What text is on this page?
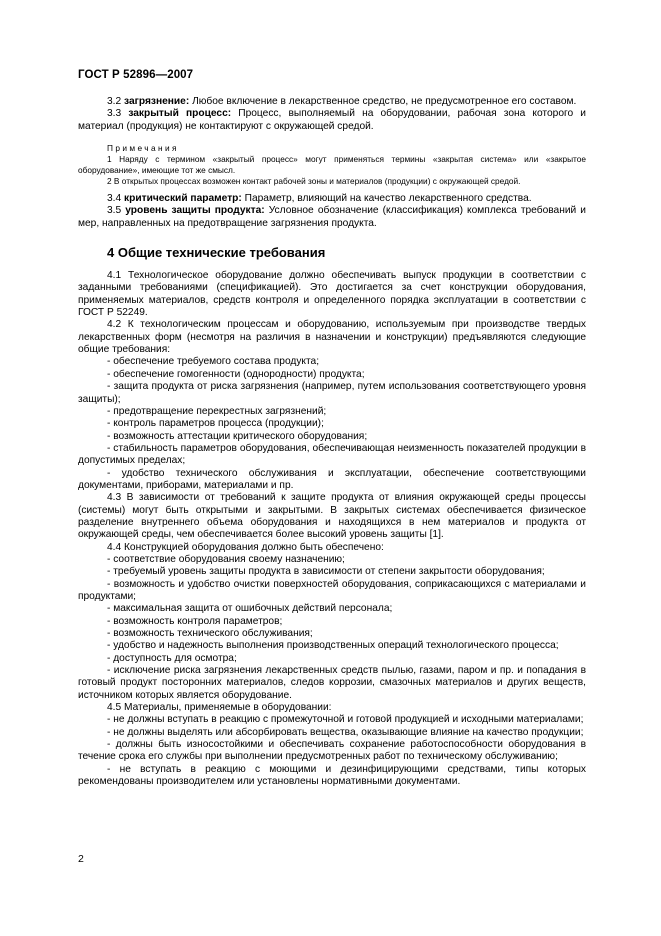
ГОСТ Р 52896—2007

3.2 загрязнение: Любое включение в лекарственное средство, не предусмотренное его составом.

3.3 закрытый процесс: Процесс, выполняемый на оборудовании, рабочая зона которого и материал (продукция) не контактируют с окружающей средой.

Примечания

1 Наряду с термином «закрытый процесс» могут применяться термины «закрытая система» или «закрытое оборудование», имеющие тот же смысл.

2 В открытых процессах возможен контакт рабочей зоны и материалов (продукции) с окружающей средой.

3.4 критический параметр: Параметр, влияющий на качество лекарственного средства.

3.5 уровень защиты продукта: Условное обозначение (классификация) комплекса требований и мер, направленных на предотвращение загрязнения продукта.

4 Общие технические требования

4.1 Технологическое оборудование должно обеспечивать выпуск продукции в соответствии с заданными требованиями (спецификацией). Это достигается за счет конструкции оборудования, применяемых материалов, средств контроля и определенного порядка эксплуатации в соответствии с ГОСТ Р 52249.

4.2 К технологическим процессам и оборудованию, используемым при производстве твердых лекарственных форм (несмотря на различия в назначении и конструкции) предъявляются следующие общие требования:

- обеспечение требуемого состава продукта;

- обеспечение гомогенности (однородности) продукта;

- защита продукта от риска загрязнения (например, путем использования соответствующего уровня защиты);

- предотвращение перекрестных загрязнений;

- контроль параметров процесса (продукции);

- возможность аттестации критического оборудования;

- стабильность параметров оборудования, обеспечивающая неизменность показателей продукции в допустимых пределах;

- удобство технического обслуживания и эксплуатации, обеспечение соответствующими документами, приборами, материалами и пр.

4.3 В зависимости от требований к защите продукта от влияния окружающей среды процессы (системы) могут быть открытыми и закрытыми. В закрытых системах обеспечивается физическое разделение внутреннего объема оборудования и находящихся в нем материалов и продукта от окружающей среды, чем обеспечивается более высокий уровень защиты [1].

4.4 Конструкцией оборудования должно быть обеспечено:

- соответствие оборудования своему назначению;

- требуемый уровень защиты продукта в зависимости от степени закрытости оборудования;

- возможность и удобство очистки поверхностей оборудования, соприкасающихся с материалами и продуктами;

- максимальная защита от ошибочных действий персонала;

- возможность контроля параметров;

- возможность технического обслуживания;

- удобство и надежность выполнения производственных операций технологического процесса;

- доступность для осмотра;

- исключение риска загрязнения лекарственных средств пылью, газами, паром и пр. и попадания в готовый продукт посторонних материалов, следов коррозии, смазочных материалов и других веществ, источником которых является оборудование.

4.5 Материалы, применяемые в оборудовании:

- не должны вступать в реакцию с промежуточной и готовой продукцией и исходными материалами;

- не должны выделять или абсорбировать вещества, оказывающие влияние на качество продукции;

- должны быть износостойкими и обеспечивать сохранение работоспособности оборудования в течение срока его службы при выполнении предусмотренных работ по техническому обслуживанию;

- не вступать в реакцию с моющими и дезинфицирующими средствами, типы которых рекомендованы производителем или установлены нормативными документами.

2
